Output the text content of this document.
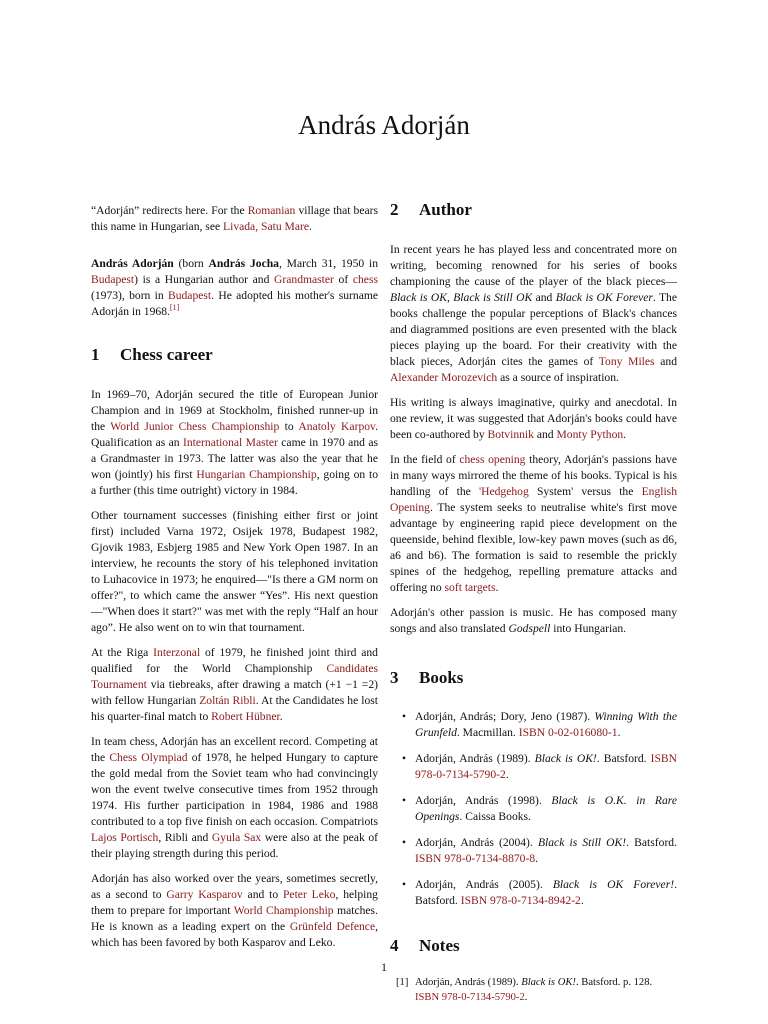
András Adorján

“Adorján” redirects here. For the Romanian village that bears this name in Hungarian, see Livada, Satu Mare.

András Adorján (born András Jocha, March 31, 1950 in Budapest) is a Hungarian author and Grandmaster of chess (1973), born in Budapest. He adopted his mother's surname Adorján in 1968.[1]

1 Chess career

In 1969–70, Adorján secured the title of European Junior Champion and in 1969 at Stockholm, finished runner-up in the World Junior Chess Championship to Anatoly Karpov. Qualification as an International Master came in 1970 and as a Grandmaster in 1973. The latter was also the year that he won (jointly) his first Hungarian Championship, going on to a further (this time outright) victory in 1984.

Other tournament successes (finishing either first or joint first) included Varna 1972, Osijek 1978, Budapest 1982, Gjovik 1983, Esbjerg 1985 and New York Open 1987. In an interview, he recounts the story of his telephoned invitation to Luhacovice in 1973; he enquired—"Is there a GM norm on offer?", to which came the answer “Yes”. His next question—"When does it start?" was met with the reply “Half an hour ago”. He also went on to win that tournament.

At the Riga Interzonal of 1979, he finished joint third and qualified for the World Championship Candidates Tournament via tiebreaks, after drawing a match (+1 −1 =2) with fellow Hungarian Zoltán Ribli. At the Candidates he lost his quarter-final match to Robert Hübner.

In team chess, Adorján has an excellent record. Competing at the Chess Olympiad of 1978, he helped Hungary to capture the gold medal from the Soviet team who had convincingly won the event twelve consecutive times from 1952 through 1974. His further participation in 1984, 1986 and 1988 contributed to a top five finish on each occasion. Compatriots Lajos Portisch, Ribli and Gyula Sax were also at the peak of their playing strength during this period.

Adorján has also worked over the years, sometimes secretly, as a second to Garry Kasparov and to Peter Leko, helping them to prepare for important World Championship matches. He is known as a leading expert on the Grünfeld Defence, which has been favored by both Kasparov and Leko.

2 Author

In recent years he has played less and concentrated more on writing, becoming renowned for his series of books championing the cause of the player of the black pieces—Black is OK, Black is Still OK and Black is OK Forever. The books challenge the popular perceptions of Black's chances and diagrammed positions are even presented with the black pieces playing up the board. For their creativity with the black pieces, Adorján cites the games of Tony Miles and Alexander Morozevich as a source of inspiration.

His writing is always imaginative, quirky and anecdotal. In one review, it was suggested that Adorján's books could have been co-authored by Botvinnik and Monty Python.

In the field of chess opening theory, Adorján's passions have in many ways mirrored the theme of his books. Typical is his handling of the 'Hedgehog System' versus the English Opening. The system seeks to neutralise white's first move advantage by engineering rapid piece development on the queenside, behind flexible, low-key pawn moves (such as d6, a6 and b6). The formation is said to resemble the prickly spines of the hedgehog, repelling premature attacks and offering no soft targets.

Adorján's other passion is music. He has composed many songs and also translated Godspell into Hungarian.

3 Books
• Adorján, András; Dory, Jeno (1987). Winning With the Grunfeld. Macmillan. ISBN 0-02-016080-1.
• Adorján, András (1989). Black is OK!. Batsford. ISBN 978-0-7134-5790-2.
• Adorján, András (1998). Black is O.K. in Rare Openings. Caissa Books.
• Adorján, András (2004). Black is Still OK!. Batsford. ISBN 978-0-7134-8870-8.
• Adorján, András (2005). Black is OK Forever!. Batsford. ISBN 978-0-7134-8942-2.
4 Notes
[1] Adorján, András (1989). Black is OK!. Batsford. p. 128. ISBN 978-0-7134-5790-2.
1
